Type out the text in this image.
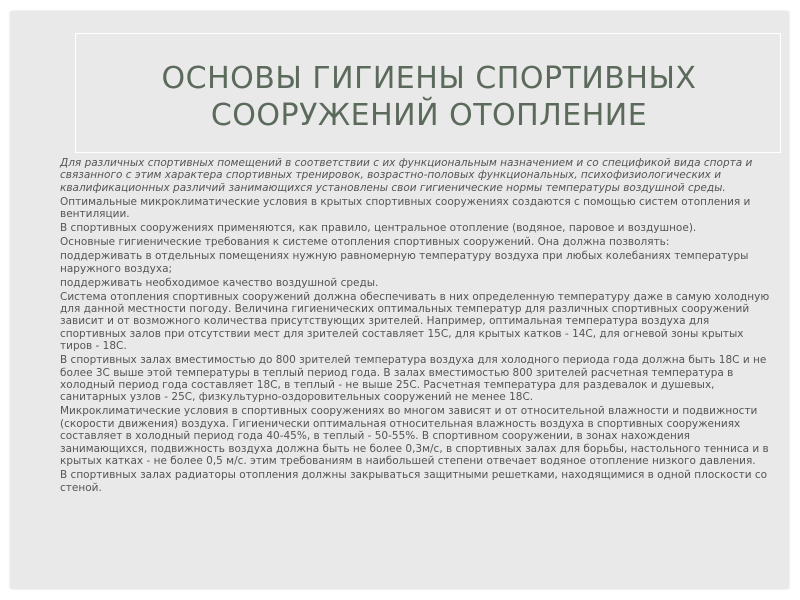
ОСНОВЫ ГИГИЕНЫ СПОРТИВНЫХ
СООРУЖЕНИЙ ОТОПЛЕНИЕ

Для различных спортивных помещений в соответствии с их функциональным назначением и со спецификой вида спорта и связанного с этим характера спортивных тренировок, возрастно-половых функциональных, психофизиологических и квалификационных различий занимающихся установлены свои гигиенические нормы температуры воздушной среды.

Оптимальные микроклиматические условия в крытых спортивных сооружениях создаются с помощью систем отопления и вентиляции.

В спортивных сооружениях применяются, как правило, центральное отопление (водяное, паровое и воздушное).

Основные гигиенические требования к системе отопления спортивных сооружений. Она должна позволять:

поддерживать в отдельных помещениях нужную равномерную температуру воздуха при любых колебаниях температуры наружного воздуха;

поддерживать необходимое качество воздушной среды.

Система отопления спортивных сооружений должна обеспечивать в них определенную температуру даже в самую холодную для данной местности погоду. Величина гигиенических оптимальных температур для различных спортивных сооружений зависит и от возможного количества присутствующих зрителей. Например, оптимальная температура воздуха для спортивных залов при отсутствии мест для зрителей составляет 15С, для крытых катков - 14С, для огневой зоны крытых тиров - 18С.

В спортивных залах вместимостью до 800 зрителей температура воздуха для холодного периода года должна быть 18С и не более 3С выше этой температуры в теплый период года. В залах вместимостью 800 зрителей расчетная температура в холодный период года составляет 18С, в теплый - не выше 25С. Расчетная температура для раздевалок и душевых, санитарных узлов - 25С, физкультурно-оздоровительных сооружений не менее 18С.

Микроклиматические условия в спортивных сооружениях во многом зависят и от относительной влажности и подвижности (скорости движения) воздуха. Гигиенически оптимальная относительная влажность воздуха в спортивных сооружениях составляет в холодный период года 40-45%, в теплый - 50-55%. В спортивном сооружении, в зонах нахождения занимающихся, подвижность воздуха должна быть не более 0,3м/с, в спортивных залах для борьбы, настольного тенниса и в крытых катках - не более 0,5 м/с. этим требованиям в наибольшей степени отвечает водяное отопление низкого давления.

В спортивных залах радиаторы отопления должны закрываться защитными решетками, находящимися в одной плоскости со стеной.
